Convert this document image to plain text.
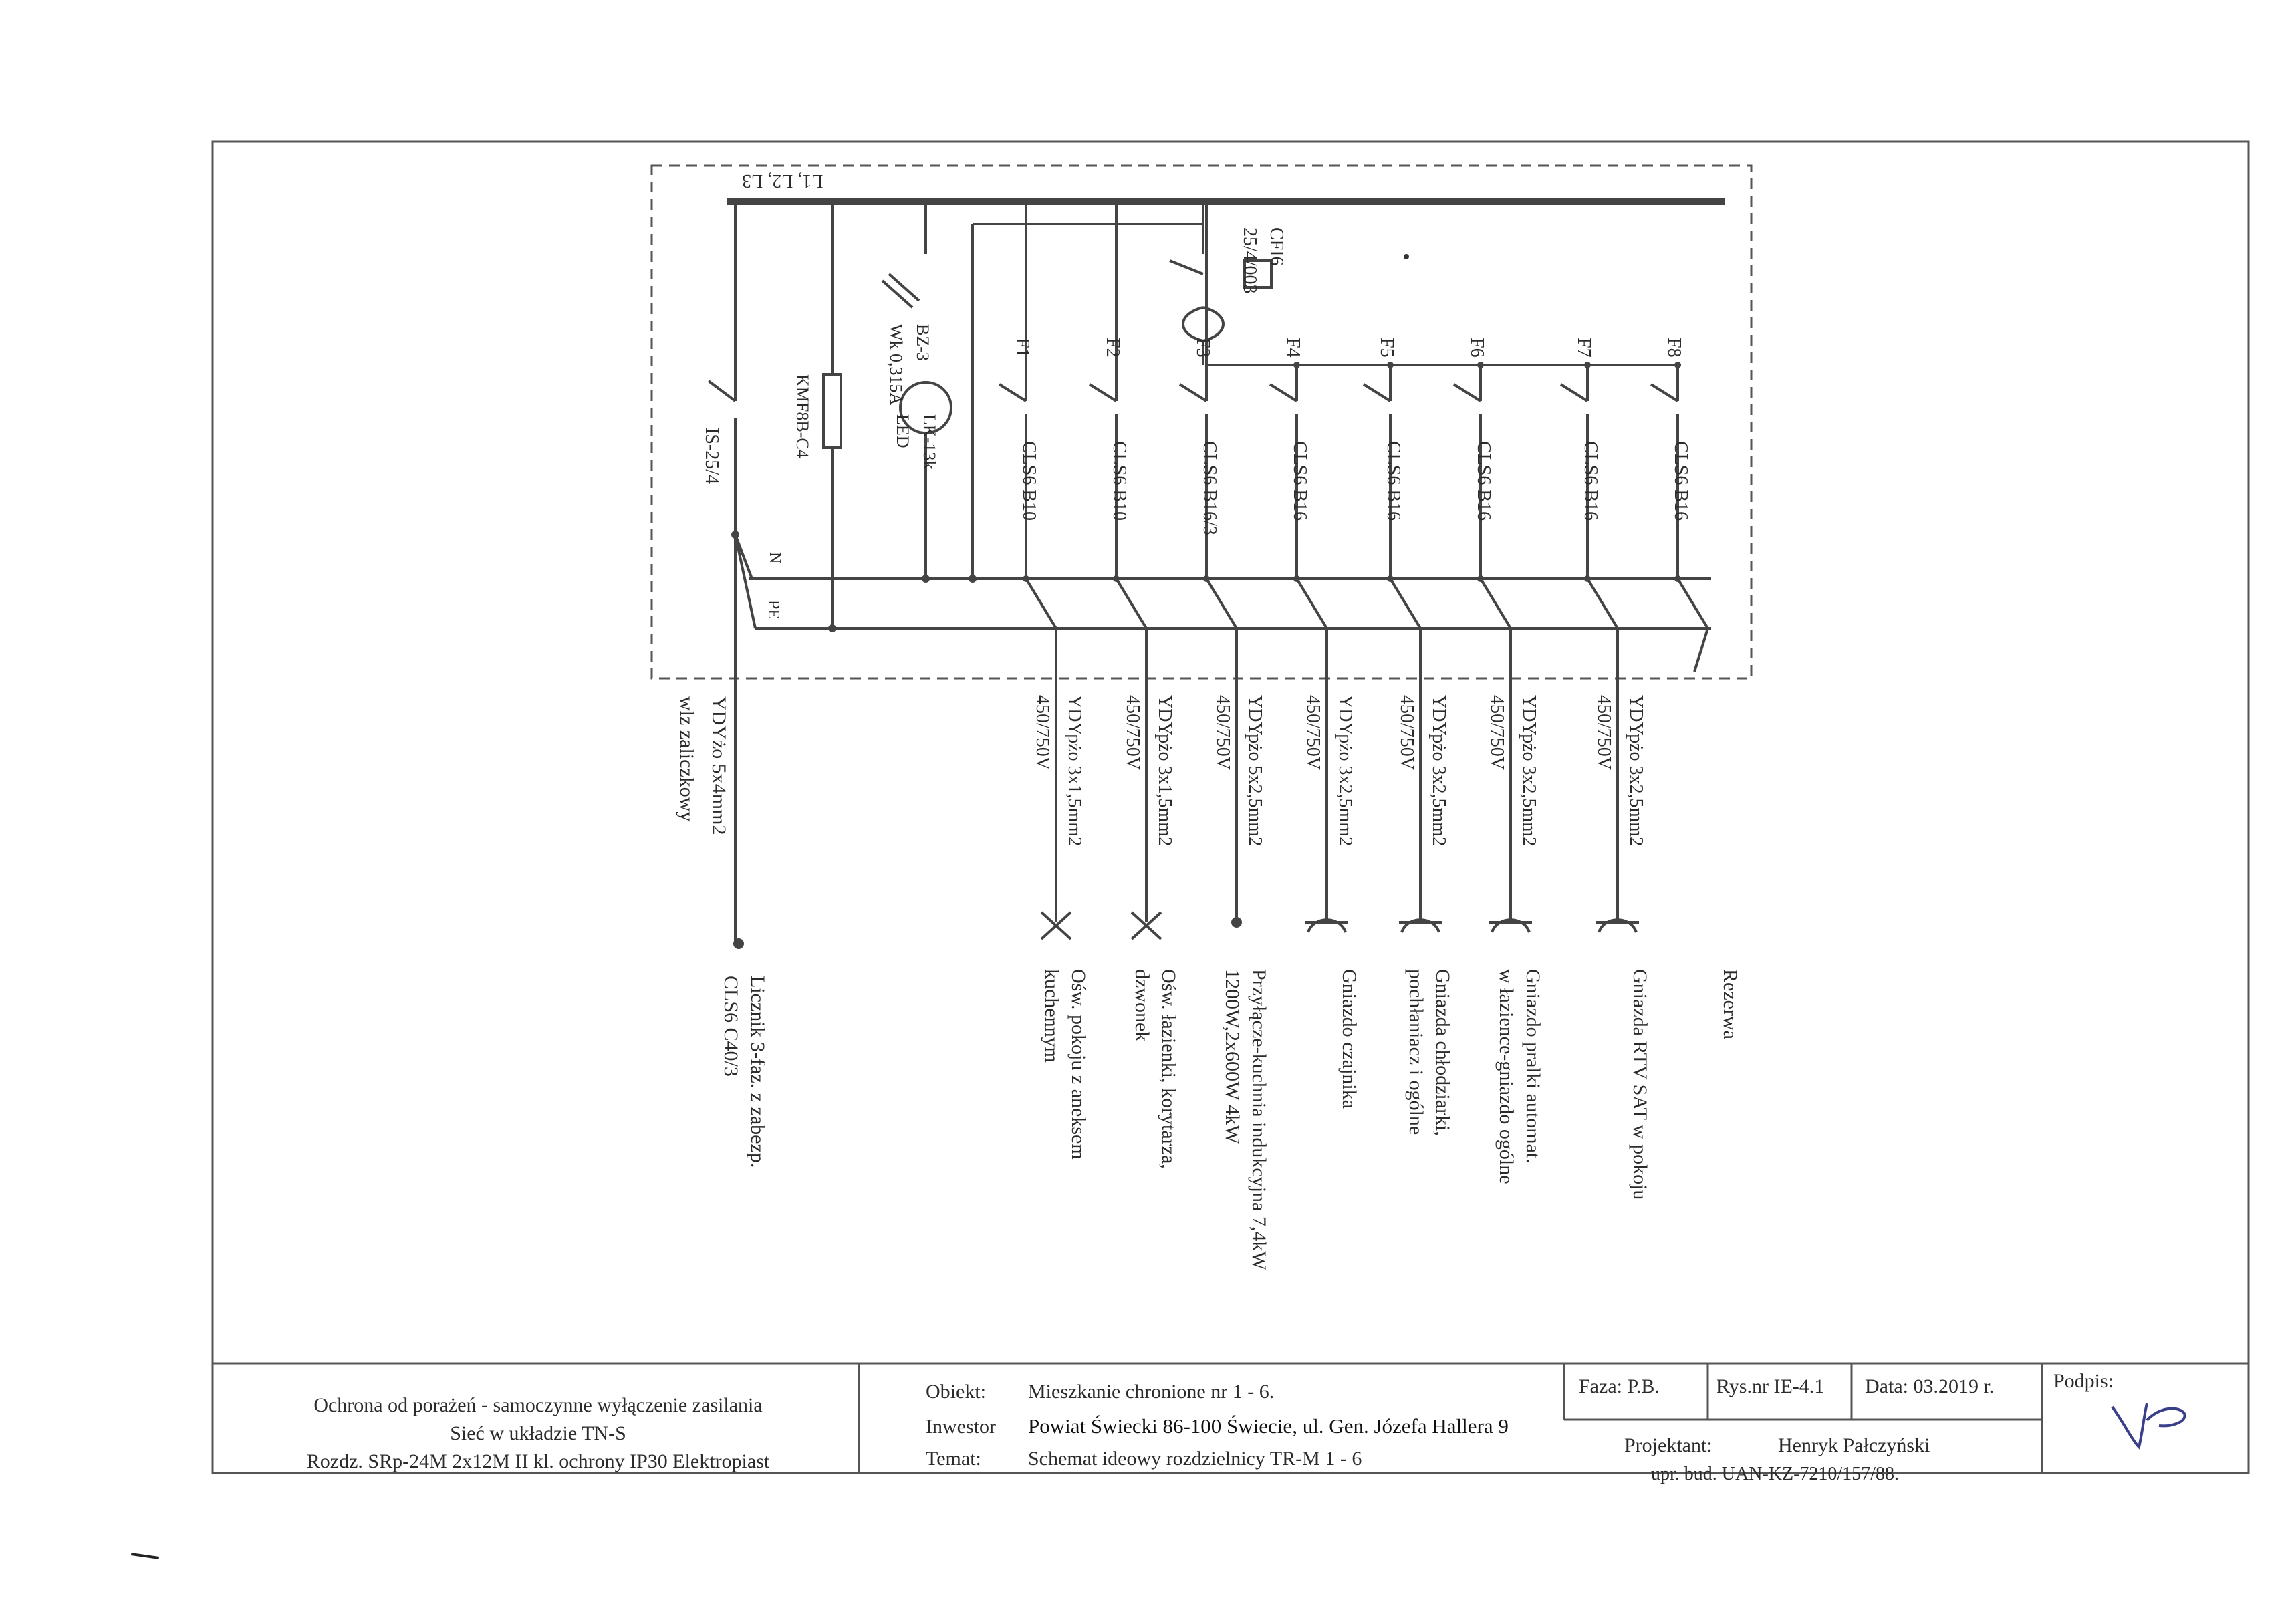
L1, L2, L3
IS-25/4
N
PE
YDYżo 5x4mm2
wlz zaliczkowy
Licznik 3-faz. z zabezp.
CLS6 C40/3
KMF8B-C4
BZ-3
Wk 0,315A
LK-13k
LED
CFI6
25/4/003
F1
CLS6 B10
YDYpżo 3x1,5mm2
450/750V
Ośw. pokoju z aneksem
kuchennym
F2
CLS6 B10
YDYpżo 3x1,5mm2
450/750V
Ośw. łazienki, korytarza,
dzwonek
F3
CLS6 B16/3
YDYpżo 5x2,5mm2
450/750V
Przyłącze-kuchnia indukcyjna 7,4kW
1200W,2x600W 4kW
F4
CLS6 B16
YDYpżo 3x2,5mm2
450/750V
Gniazdo czajnika
F5
CLS6 B16
YDYpżo 3x2,5mm2
450/750V
Gniazda chłodziarki,
pochłaniacz i ogólne
F6
CLS6 B16
YDYpżo 3x2,5mm2
450/750V
Gniazdo pralki automat.
w łazience-gniazdo ogólne
F7
CLS6 B16
YDYpżo 3x2,5mm2
450/750V
Gniazda RTV SAT w pokoju
F8
CLS6 B16
Rezerwa
Ochrona od porażeń - samoczynne wyłączenie zasilania
Sieć w układzie TN-S
Rozdz. SRp-24M 2x12M II kl. ochrony IP30 Elektropiast
Obiekt: Mieszkanie chronione nr 1 - 6.
Inwestor Powiat Świecki 86-100 Świecie, ul. Gen. Józefa Hallera 9
Temat: Schemat ideowy rozdzielnicy TR-M 1 - 6
Faza: P.B.	Rys.nr IE-4.1 Data: 03.2019 r.	Podpis:
Projektant:	Henryk Pałczyński
upr. bud. UAN-KZ-7210/157/88.
